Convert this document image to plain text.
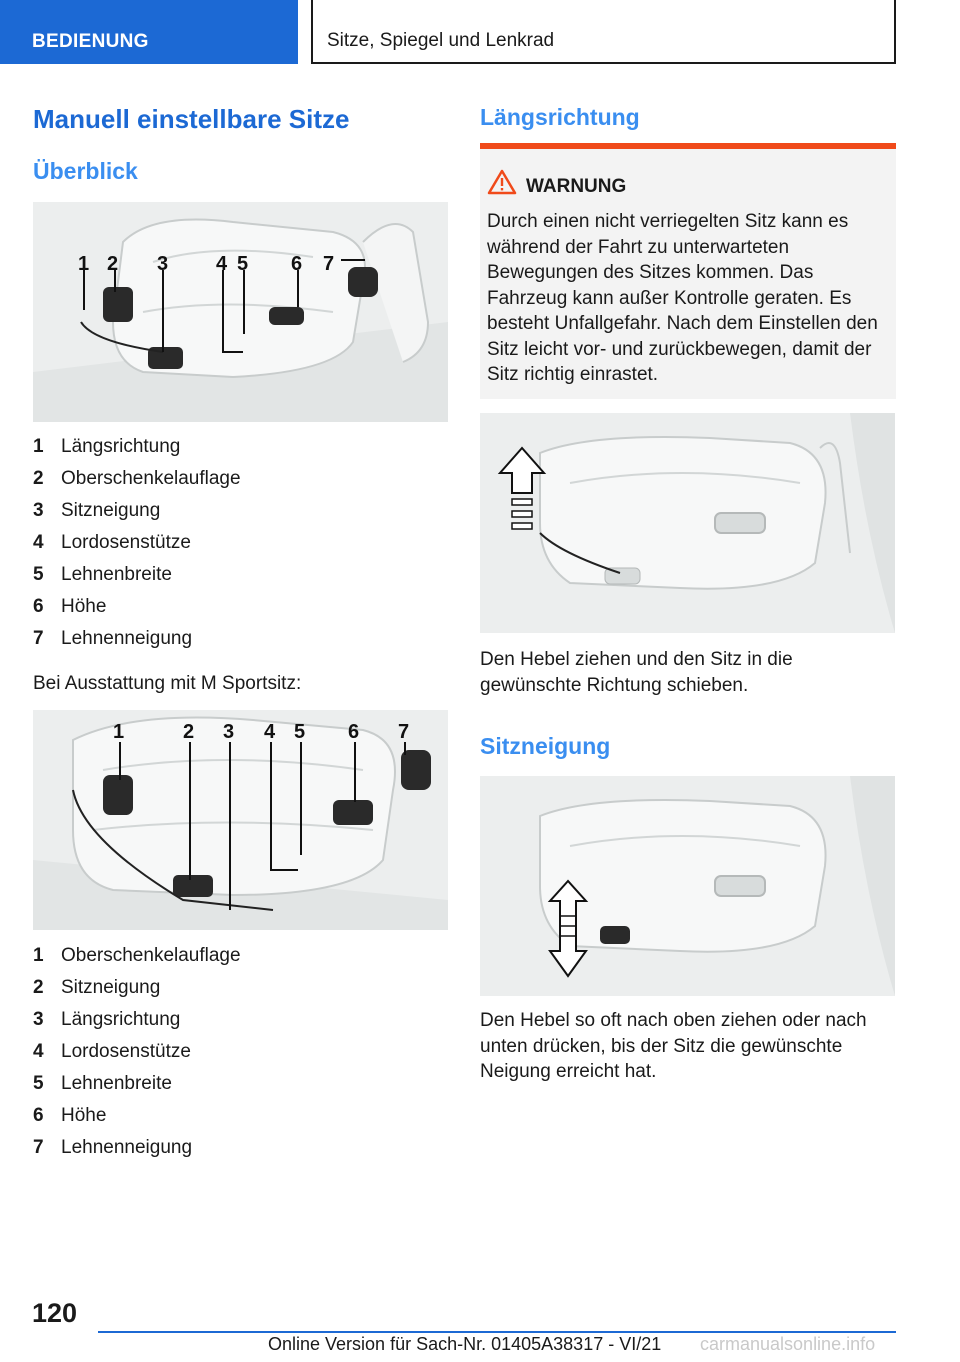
BEDIENUNG	Sitze, Spiegel und Lenkrad
Manuell einstellbare Sitze
Überblick
1 2 3 4 5 6 7
1 Längsrichtung
2 Oberschenkelauflage
3 Sitzneigung
4 Lordosenstütze
5 Lehnenbreite
6 Höhe
7 Lehnenneigung

Bei Ausstattung mit M Sportsitz:

1	2 3 4 5 6 7
1 Oberschenkelauflage
2 Sitzneigung
3 Längsrichtung
4 Lordosenstütze
5 Lehnenbreite
6 Höhe
7 Lehnenneigung
Längsrichtung
WARNUNG

Durch einen nicht verriegelten Sitz kann es während der Fahrt zu unterwarteten Bewegungen des Sitzes kommen. Das Fahrzeug kann außer Kontrolle geraten. Es besteht Unfallgefahr. Nach dem Einstellen den Sitz leicht vor- und zurückbewegen, damit der Sitz richtig einrastet.

Den Hebel ziehen und den Sitz in die gewünschte Richtung schieben.

Sitzneigung

Den Hebel so oft nach oben ziehen oder nach unten drücken, bis der Sitz die gewünschte Neigung erreicht hat.

120
Online Version für Sach-Nr. 01405A38317 - VI/21 carmanualsonline.info
